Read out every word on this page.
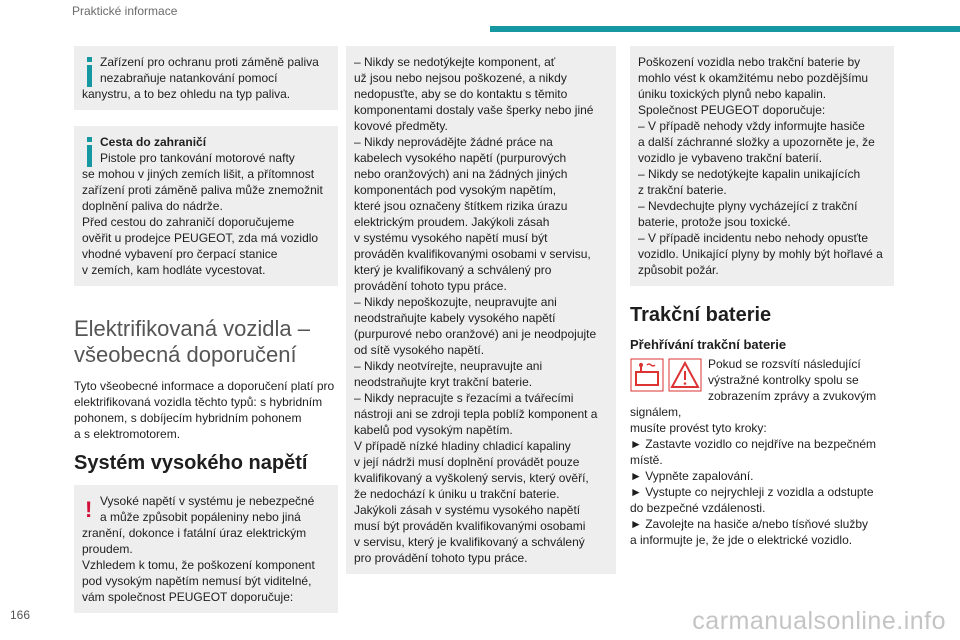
Praktické informace

Zařízení pro ochranu proti záměně paliva

nezabraňuje natankování pomocí

kanystru, a to bez ohledu na typ paliva.

Cesta do zahraničí

Pistole pro tankování motorové nafty

se mohou v jiných zemích lišit, a přítomnost

zařízení proti záměně paliva může znemožnit

doplnění paliva do nádrže.

Před cestou do zahraničí doporučujeme

ověřit u prodejce PEUGEOT, zda má vozidlo

vhodné vybavení pro čerpací stanice

v zemích, kam hodláte vycestovat.

Elektrifikovaná vozidla –
všeobecná doporučení

Tyto všeobecné informace a doporučení platí pro

elektrifikovaná vozidla těchto typů: s hybridním

pohonem, s dobíjecím hybridním pohonem

a s elektromotorem.

Systém vysokého napětí
! Vysoké napětí v systému je nebezpečné

a může způsobit popáleniny nebo jiná

zranění, dokonce i fatální úraz elektrickým

proudem.

Vzhledem k tomu, že poškození komponent

pod vysokým napětím nemusí být viditelné,

vám společnost PEUGEOT doporučuje:

– Nikdy se nedotýkejte komponent, ať

už jsou nebo nejsou poškozené, a nikdy

nedopusťte, aby se do kontaktu s těmito

komponentami dostaly vaše šperky nebo jiné

kovové předměty.

– Nikdy neprovádějte žádné práce na

kabelech vysokého napětí (purpurových

nebo oranžových) ani na žádných jiných

komponentách pod vysokým napětím,

které jsou označeny štítkem rizika úrazu

elektrickým proudem. Jakýkoli zásah

v systému vysokého napětí musí být

prováděn kvalifikovanými osobami v servisu,

který je kvalifikovaný a schválený pro

provádění tohoto typu práce.

– Nikdy nepoškozujte, neupravujte ani

neodstraňujte kabely vysokého napětí

(purpurové nebo oranžové) ani je neodpojujte

od sítě vysokého napětí.

– Nikdy neotvírejte, neupravujte ani

neodstraňujte kryt trakční baterie.

– Nikdy nepracujte s řezacími a tvářecími

nástroji ani se zdroji tepla poblíž komponent a

kabelů pod vysokým napětím.

V případě nízké hladiny chladicí kapaliny

v její nádrži musí doplnění provádět pouze

kvalifikovaný a vyškolený servis, který ověří,

že nedochází k úniku u trakční baterie.

Jakýkoli zásah v systému vysokého napětí

musí být prováděn kvalifikovanými osobami

v servisu, který je kvalifikovaný a schválený

pro provádění tohoto typu práce.

Poškození vozidla nebo trakční baterie by

mohlo vést k okamžitému nebo pozdějšímu

úniku toxických plynů nebo kapalin.

Společnost PEUGEOT doporučuje:

– V případě nehody vždy informujte hasiče

a další záchranné složky a upozorněte je, že

vozidlo je vybaveno trakční baterií.

– Nikdy se nedotýkejte kapalin unikajících

z trakční baterie.

– Nevdechujte plyny vycházející z trakční

baterie, protože jsou toxické.

– V případě incidentu nebo nehody opusťte

vozidlo. Unikající plyny by mohly být hořlavé a

způsobit požár.

Trakční baterie
Přehřívání trakční baterie

Pokud se rozsvítí následující

výstražné kontrolky spolu se

zobrazením zprávy a zvukovým signálem,

musíte provést tyto kroky:

► Zastavte vozidlo co nejdříve na bezpečném

místě.

► Vypněte zapalování.

► Vystupte co nejrychleji z vozidla a odstupte

do bezpečné vzdálenosti.

► Zavolejte na hasiče a/nebo tísňové služby

a informujte je, že jde o elektrické vozidlo.

166	carmanualsonline.info
